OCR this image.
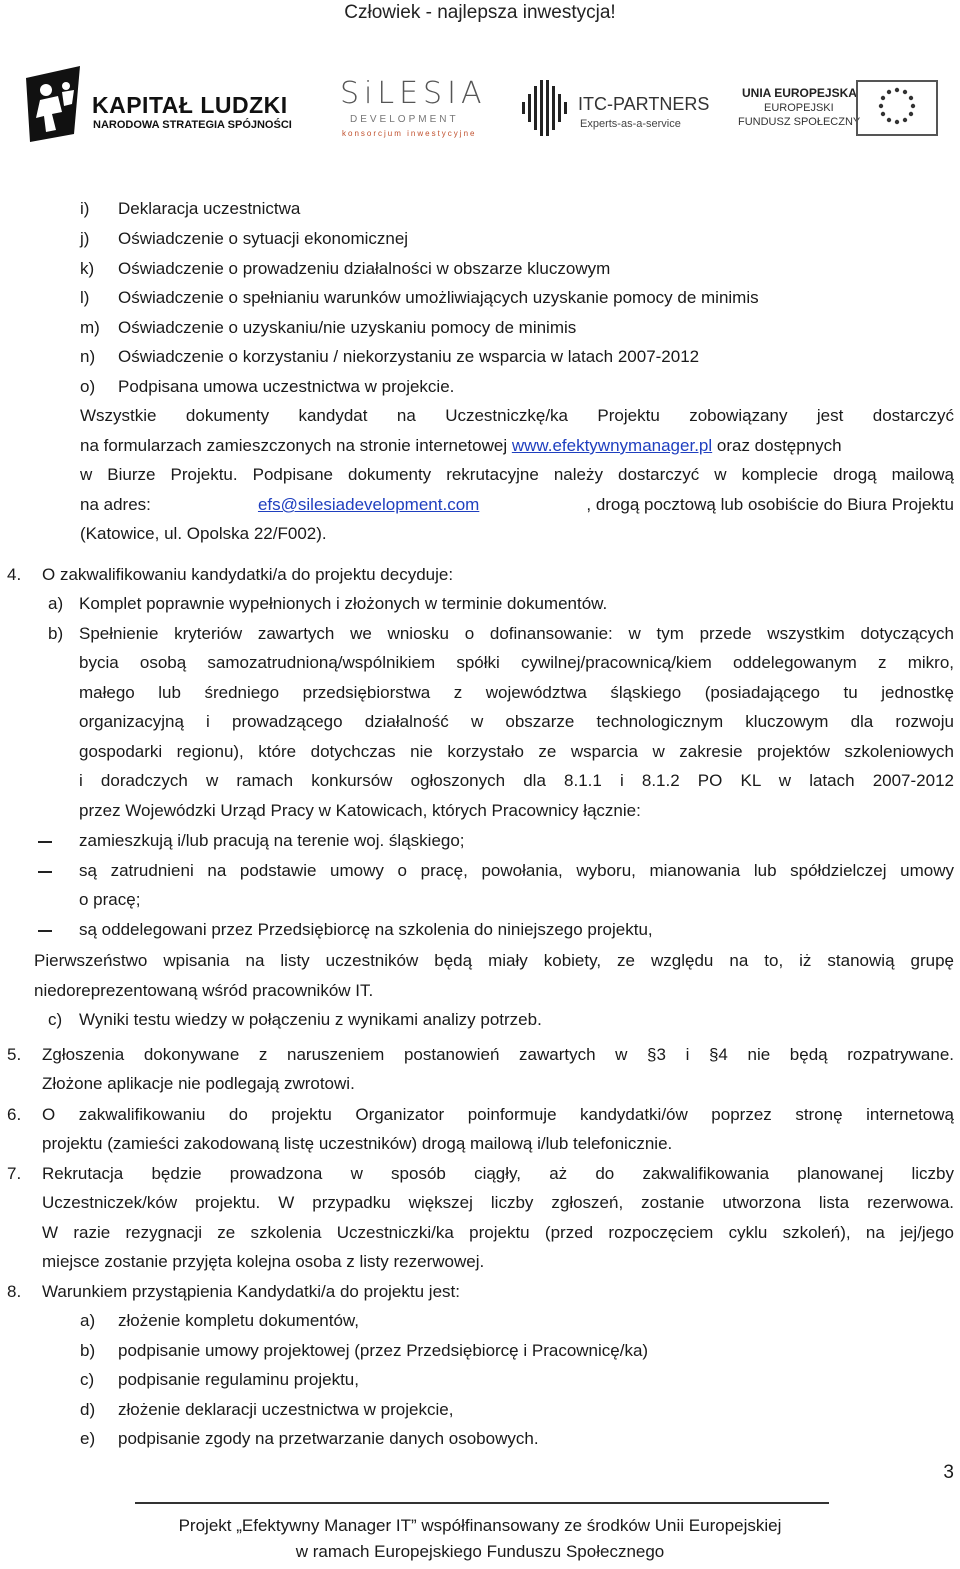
Człowiek - najlepsza inwestycja!
KAPITAŁ LUDZKI
NARODOWA STRATEGIA SPÓJNOŚCI
SiLESIA
DEVELOPMENT
konsorcjum inwestycyjne
ITC-PARTNERS
Experts-as-a-service
UNIA EUROPEJSKA
EUROPEJSKI
FUNDUSZ SPOŁECZNY
i) Deklaracja uczestnictwa
j) Oświadczenie o sytuacji ekonomicznej
k) Oświadczenie o prowadzeniu działalności w obszarze kluczowym
l) Oświadczenie o spełnianiu warunków umożliwiających uzyskanie pomocy de minimis
m) Oświadczenie o uzyskaniu/nie uzyskaniu pomocy de minimis
n) Oświadczenie o korzystaniu / niekorzystaniu ze wsparcia w latach 2007-2012
o) Podpisana umowa uczestnictwa w projekcie.
Wszystkie dokumenty kandydat na Uczestniczkę/ka Projektu zobowiązany jest dostarczyć
na formularzach zamieszczonych na stronie internetowej www.efektywnymanager.pl oraz dostępnych
w Biurze Projektu. Podpisane dokumenty rekrutacyjne należy dostarczyć w komplecie drogą mailową
na adres:	efs@silesiadevelopment.com	, drogą pocztową lub osobiście do Biura Projektu
(Katowice, ul. Opolska 22/F002).
4. O zakwalifikowaniu kandydatki/a do projektu decyduje:
a) Komplet poprawnie wypełnionych i złożonych w terminie dokumentów.
b) Spełnienie kryteriów zawartych we wniosku o dofinansowanie: w tym przede wszystkim dotyczących
bycia osobą samozatrudnioną/wspólnikiem spółki cywilnej/pracownicą/kiem oddelegowanym z mikro,
małego lub średniego przedsiębiorstwa z województwa śląskiego (posiadającego tu jednostkę
organizacyjną i prowadzącego działalność w obszarze technologicznym kluczowym dla rozwoju
gospodarki regionu), które dotychczas nie korzystało ze wsparcia w zakresie projektów szkoleniowych
i doradczych w ramach konkursów ogłoszonych dla 8.1.1 i 8.1.2 PO KL w latach 2007-2012
przez Wojewódzki Urząd Pracy w Katowicach, których Pracownicy łącznie:
zamieszkują i/lub pracują na terenie woj. śląskiego;
są zatrudnieni na podstawie umowy o pracę, powołania, wyboru, mianowania lub spółdzielczej umowy
o pracę;
są oddelegowani przez Przedsiębiorcę na szkolenia do niniejszego projektu,
Pierwszeństwo wpisania na listy uczestników będą miały kobiety, ze względu na to, iż stanowią grupę
niedoreprezentowaną wśród pracowników IT.
c) Wyniki testu wiedzy w połączeniu z wynikami analizy potrzeb.
5. Zgłoszenia dokonywane z naruszeniem postanowień zawartych w §3 i §4 nie będą rozpatrywane.
Złożone aplikacje nie podlegają zwrotowi.
6. O zakwalifikowaniu do projektu Organizator poinformuje kandydatki/ów poprzez stronę internetową
projektu (zamieści zakodowaną listę uczestników) drogą mailową i/lub telefonicznie.
7. Rekrutacja będzie prowadzona w sposób ciągły, aż do zakwalifikowania planowanej liczby
Uczestniczek/ków projektu. W przypadku większej liczby zgłoszeń, zostanie utworzona lista rezerwowa.
W razie rezygnacji ze szkolenia Uczestniczki/ka projektu (przed rozpoczęciem cyklu szkoleń), na jej/jego
miejsce zostanie przyjęta kolejna osoba z listy rezerwowej.
8. Warunkiem przystąpienia Kandydatki/a do projektu jest:
a) złożenie kompletu dokumentów,
b) podpisanie umowy projektowej (przez Przedsiębiorcę i Pracownicę/ka)
c) podpisanie regulaminu projektu,
d) złożenie deklaracji uczestnictwa w projekcie,
e) podpisanie zgody na przetwarzanie danych osobowych.
3
Projekt „Efektywny Manager IT” współfinansowany ze środków Unii Europejskiej
w ramach Europejskiego Funduszu Społecznego
